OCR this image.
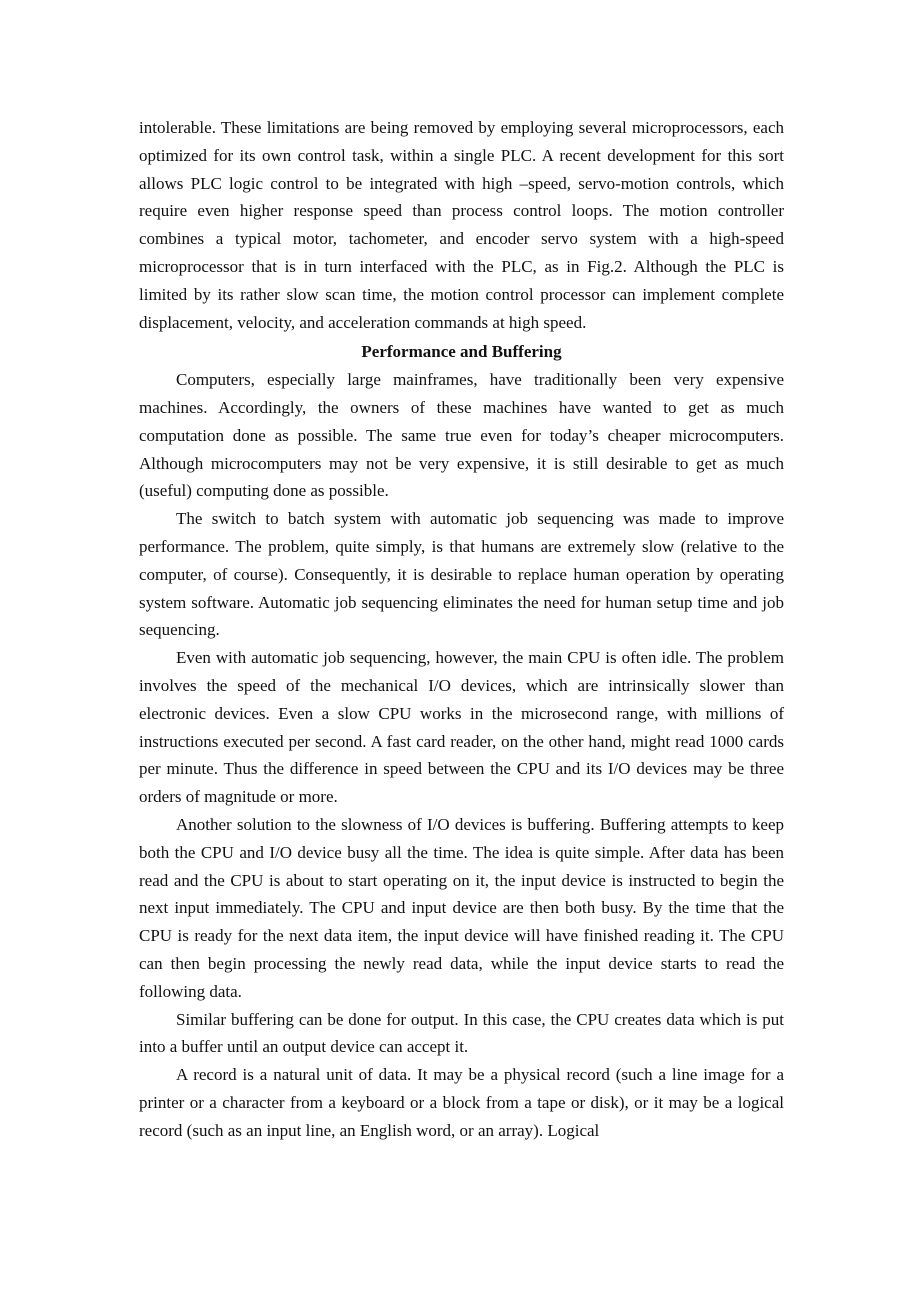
intolerable. These limitations are being removed by employing several microprocessors, each optimized for its own control task, within a single PLC. A recent development for this sort allows PLC logic control to be integrated with high –speed, servo-motion controls, which require even higher response speed than process control loops. The motion controller combines a typical motor, tachometer, and encoder servo system with a high-speed microprocessor that is in turn interfaced with the PLC, as in Fig.2. Although the PLC is limited by its rather slow scan time, the motion control processor can implement complete displacement, velocity, and acceleration commands at high speed.

Performance and Buffering

Computers, especially large mainframes, have traditionally been very expensive machines. Accordingly, the owners of these machines have wanted to get as much computation done as possible. The same true even for today’s cheaper microcomputers. Although microcomputers may not be very expensive, it is still desirable to get as much (useful) computing done as possible.

The switch to batch system with automatic job sequencing was made to improve performance. The problem, quite simply, is that humans are extremely slow (relative to the computer, of course). Consequently, it is desirable to replace human operation by operating system software. Automatic job sequencing eliminates the need for human setup time and job sequencing.

Even with automatic job sequencing, however, the main CPU is often idle. The problem involves the speed of the mechanical I/O devices, which are intrinsically slower than electronic devices. Even a slow CPU works in the microsecond range, with millions of instructions executed per second. A fast card reader, on the other hand, might read 1000 cards per minute. Thus the difference in speed between the CPU and its I/O devices may be three orders of magnitude or more.

Another solution to the slowness of I/O devices is buffering. Buffering attempts to keep both the CPU and I/O device busy all the time. The idea is quite simple. After data has been read and the CPU is about to start operating on it, the input device is instructed to begin the next input immediately. The CPU and input device are then both busy. By the time that the CPU is ready for the next data item, the input device will have finished reading it. The CPU can then begin processing the newly read data, while the input device starts to read the following data.

Similar buffering can be done for output. In this case, the CPU creates data which is put into a buffer until an output device can accept it.

A record is a natural unit of data. It may be a physical record (such a line image for a printer or a character from a keyboard or a block from a tape or disk), or it may be a logical record (such as an input line, an English word, or an array). Logical
